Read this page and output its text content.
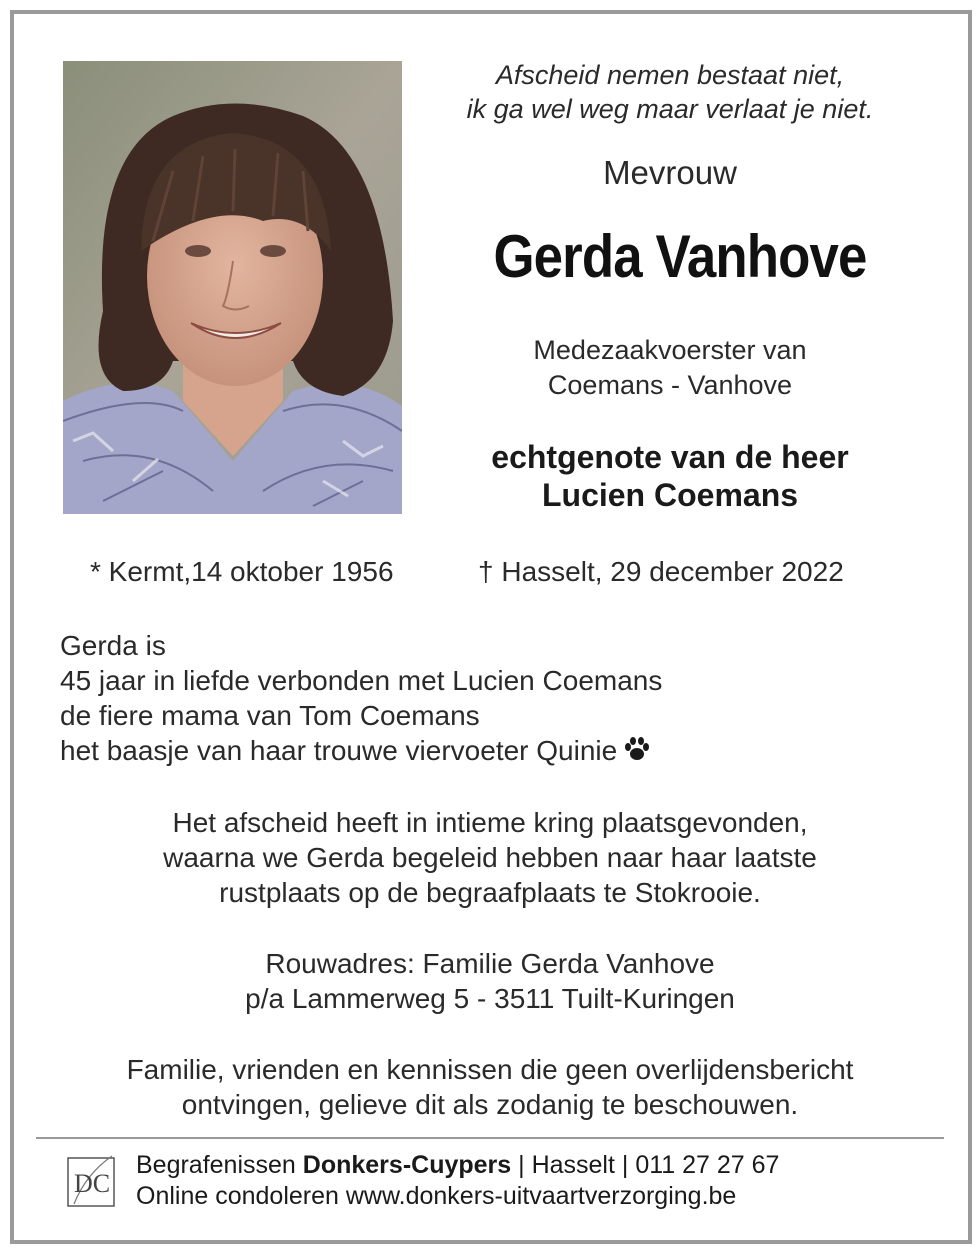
Afscheid nemen bestaat niet,
ik ga wel weg maar verlaat je niet.
Mevrouw
Gerda Vanhove
Medezaakvoerster van
Coemans - Vanhove
echtgenote van de heer
Lucien Coemans
* Kermt,14 oktober 1956	† Hasselt, 29 december 2022
Gerda is
45 jaar in liefde verbonden met Lucien Coemans
de fiere mama van Tom Coemans
het baasje van haar trouwe viervoeter Quinie
Het afscheid heeft in intieme kring plaatsgevonden,
waarna we Gerda begeleid hebben naar haar laatste
rustplaats op de begraafplaats te Stokrooie.
Rouwadres: Familie Gerda Vanhove
p/a Lammerweg 5 - 3511 Tuilt-Kuringen
Familie, vrienden en kennissen die geen overlijdensbericht
ontvingen, gelieve dit als zodanig te beschouwen.
DC
Begrafenissen Donkers-Cuypers | Hasselt | 011 27 27 67
Online condoleren www.donkers-uitvaartverzorging.be
